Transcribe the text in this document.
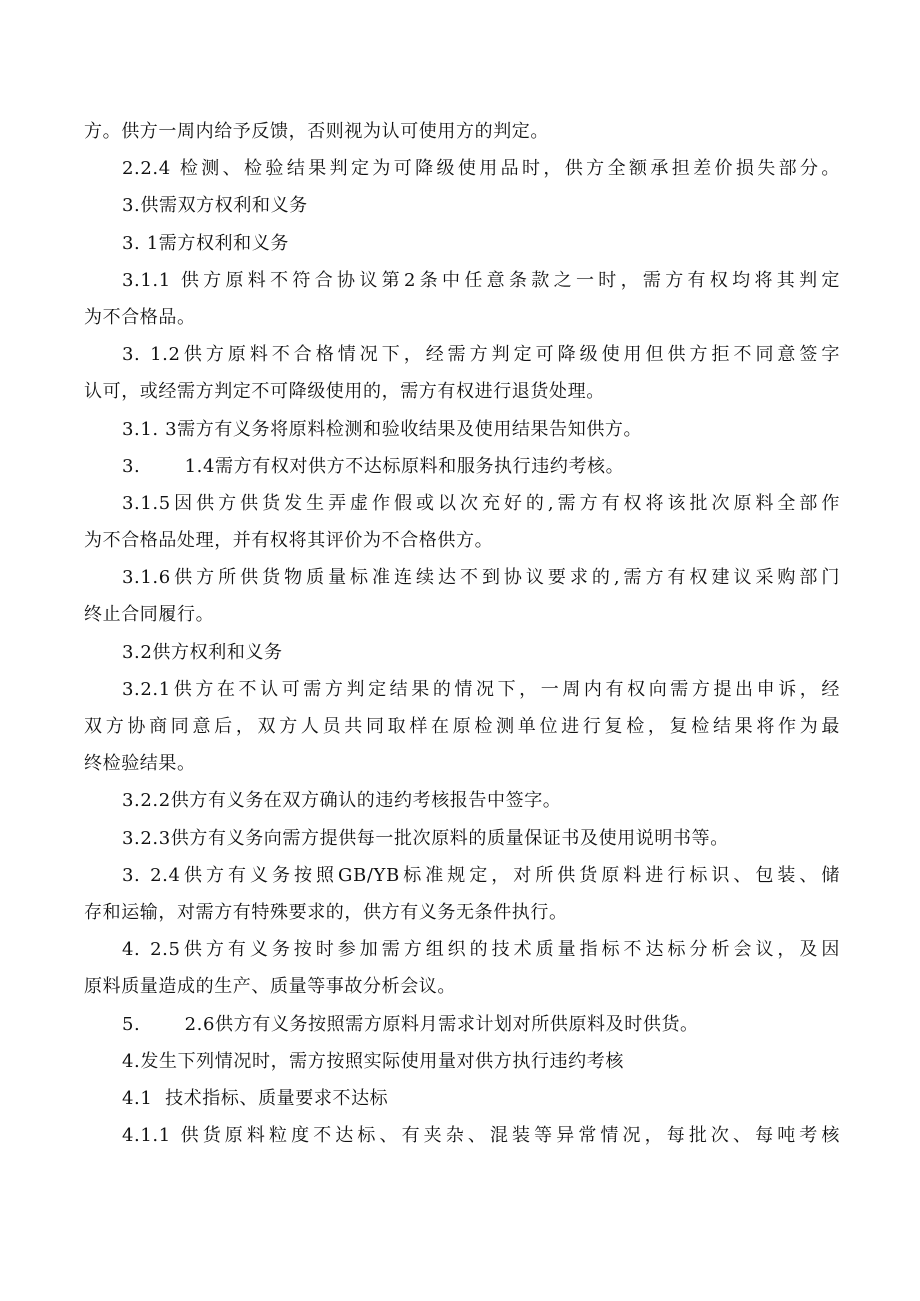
方。供方一周内给予反馈，否则视为认可使用方的判定。
2.2.4 检测、检验结果判定为可降级使用品时，供方全额承担差价损失部分。
3.供需双方权利和义务
3. 1需方权利和义务
3.1.1 供方原料不符合协议第2条中任意条款之一时，需方有权均将其判定
为不合格品。
3. 1.2供方原料不合格情况下，经需方判定可降级使用但供方拒不同意签字
认可，或经需方判定不可降级使用的，需方有权进行退货处理。
3.1. 3需方有义务将原料检测和验收结果及使用结果告知供方。
3.       1.4需方有权对供方不达标原料和服务执行违约考核。
3.1.5因供方供货发生弄虚作假或以次充好的,需方有权将该批次原料全部作
为不合格品处理，并有权将其评价为不合格供方。
3.1.6供方所供货物质量标准连续达不到协议要求的,需方有权建议采购部门
终止合同履行。
3.2供方权利和义务
3.2.1供方在不认可需方判定结果的情况下，一周内有权向需方提出申诉，经
双方协商同意后，双方人员共同取样在原检测单位进行复检，复检结果将作为最
终检验结果。
3.2.2供方有义务在双方确认的违约考核报告中签字。
3.2.3供方有义务向需方提供每一批次原料的质量保证书及使用说明书等。
3. 2.4供方有义务按照GB/YB标准规定，对所供货原料进行标识、包装、储
存和运输，对需方有特殊要求的，供方有义务无条件执行。
4. 2.5供方有义务按时参加需方组织的技术质量指标不达标分析会议，及因
原料质量造成的生产、质量等事故分析会议。
5.       2.6供方有义务按照需方原料月需求计划对所供原料及时供货。
4.发生下列情况时，需方按照实际使用量对供方执行违约考核
4.1  技术指标、质量要求不达标
4.1.1 供货原料粒度不达标、有夹杂、混装等异常情况，每批次、每吨考核
